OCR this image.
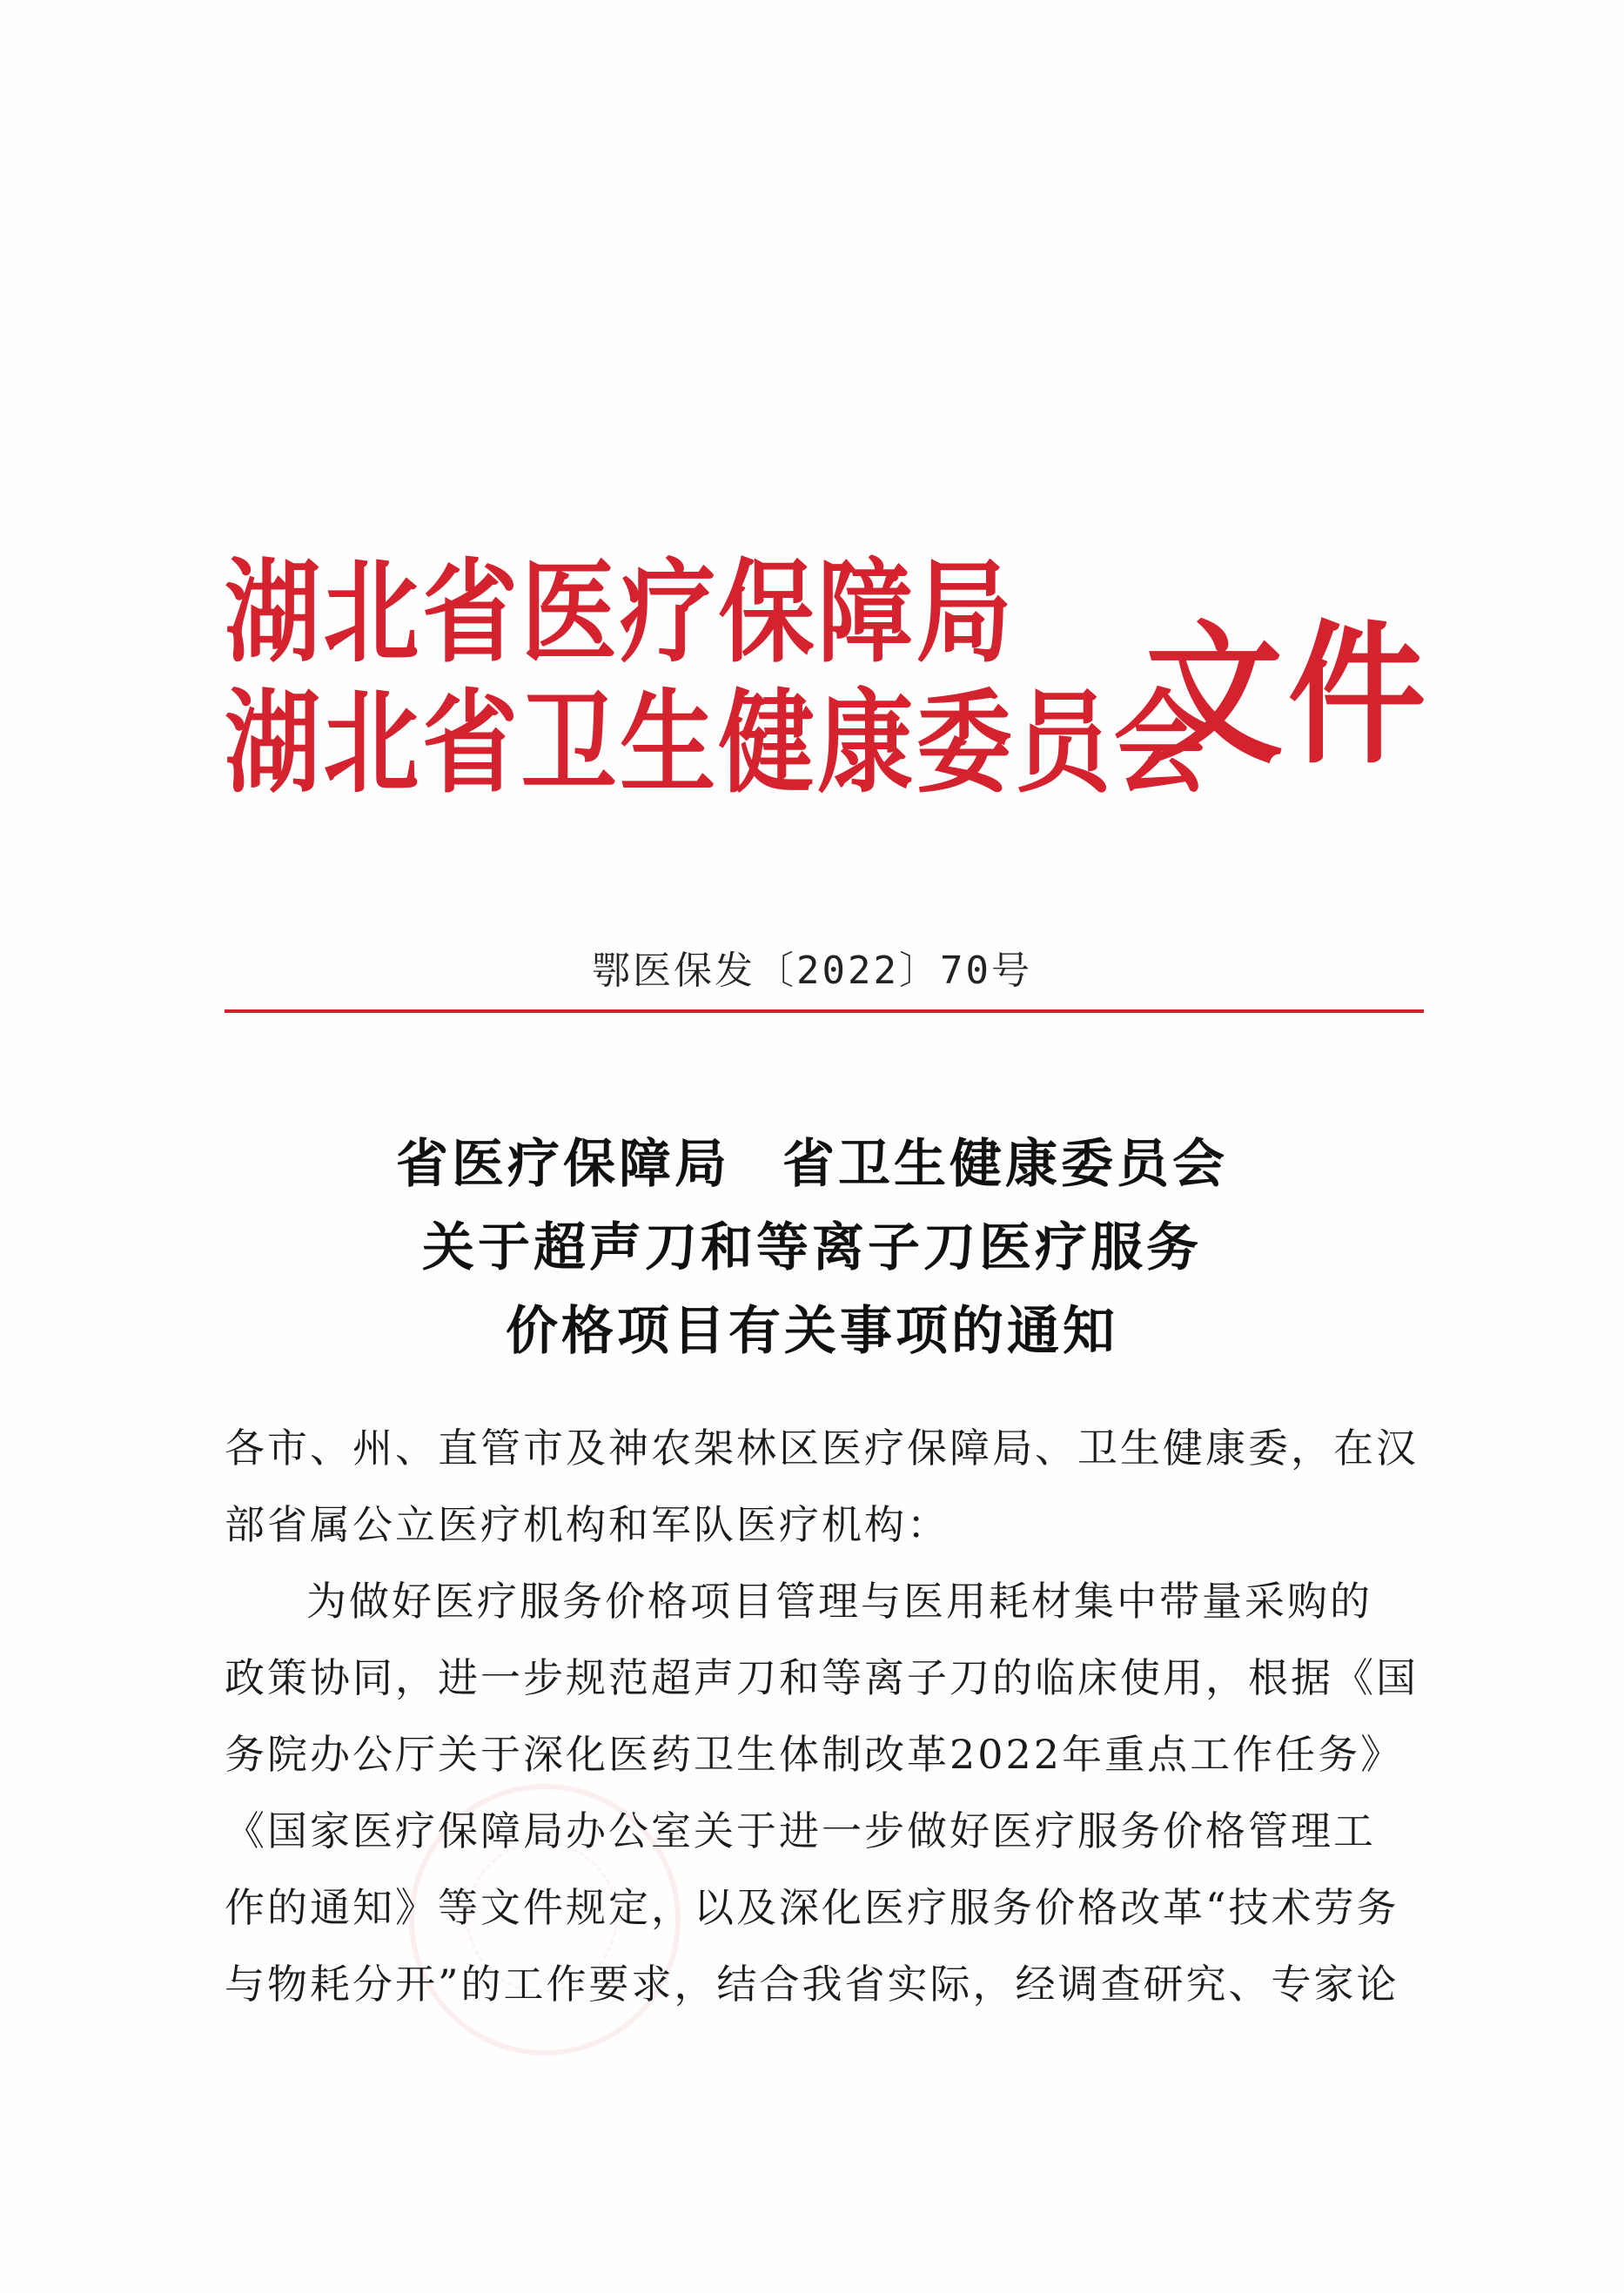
湖北省医疗保障局
湖北省卫生健康委员会
文件
鄂医保发〔2022〕70号
省医疗保障局 省卫生健康委员会
关于超声刀和等离子刀医疗服务
价格项目有关事项的通知
各市、州、直管市及神农架林区医疗保障局、卫生健康委，在汉
部省属公立医疗机构和军队医疗机构：
为做好医疗服务价格项目管理与医用耗材集中带量采购的
政策协同，进一步规范超声刀和等离子刀的临床使用，根据《国
务院办公厅关于深化医药卫生体制改革2022年重点工作任务》
《国家医疗保障局办公室关于进一步做好医疗服务价格管理工
作的通知》等文件规定，以及深化医疗服务价格改革“技术劳务
与物耗分开”的工作要求，结合我省实际，经调查研究、专家论
